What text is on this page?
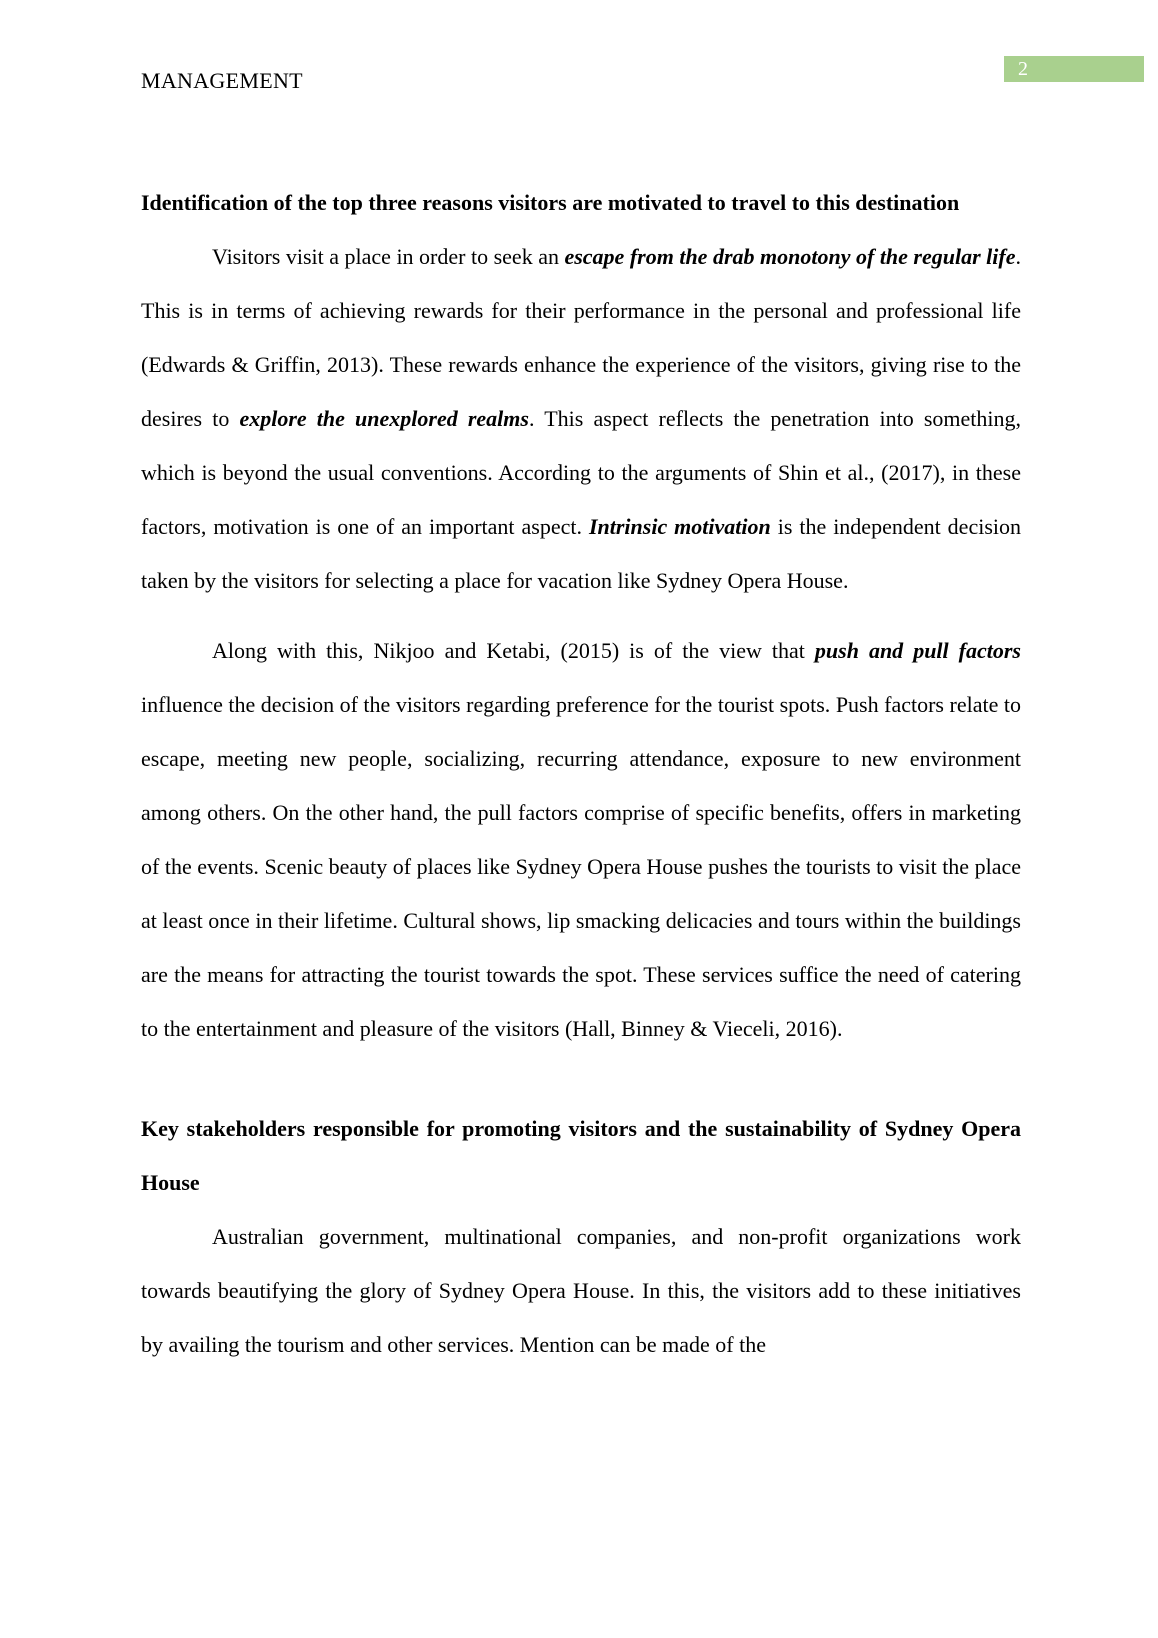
2
MANAGEMENT

Identification of the top three reasons visitors are motivated to travel to this destination

Visitors visit a place in order to seek an escape from the drab monotony of the regular life. This is in terms of achieving rewards for their performance in the personal and professional life (Edwards & Griffin, 2013). These rewards enhance the experience of the visitors, giving rise to the desires to explore the unexplored realms. This aspect reflects the penetration into something, which is beyond the usual conventions. According to the arguments of Shin et al., (2017), in these factors, motivation is one of an important aspect. Intrinsic motivation is the independent decision taken by the visitors for selecting a place for vacation like Sydney Opera House.

Along with this, Nikjoo and Ketabi, (2015) is of the view that push and pull factors influence the decision of the visitors regarding preference for the tourist spots. Push factors relate to escape, meeting new people, socializing, recurring attendance, exposure to new environment among others. On the other hand, the pull factors comprise of specific benefits, offers in marketing of the events. Scenic beauty of places like Sydney Opera House pushes the tourists to visit the place at least once in their lifetime. Cultural shows, lip smacking delicacies and tours within the buildings are the means for attracting the tourist towards the spot. These services suffice the need of catering to the entertainment and pleasure of the visitors (Hall, Binney & Vieceli, 2016).

Key stakeholders responsible for promoting visitors and the sustainability of Sydney Opera House

Australian government, multinational companies, and non-profit organizations work towards beautifying the glory of Sydney Opera House. In this, the visitors add to these initiatives by availing the tourism and other services. Mention can be made of the
